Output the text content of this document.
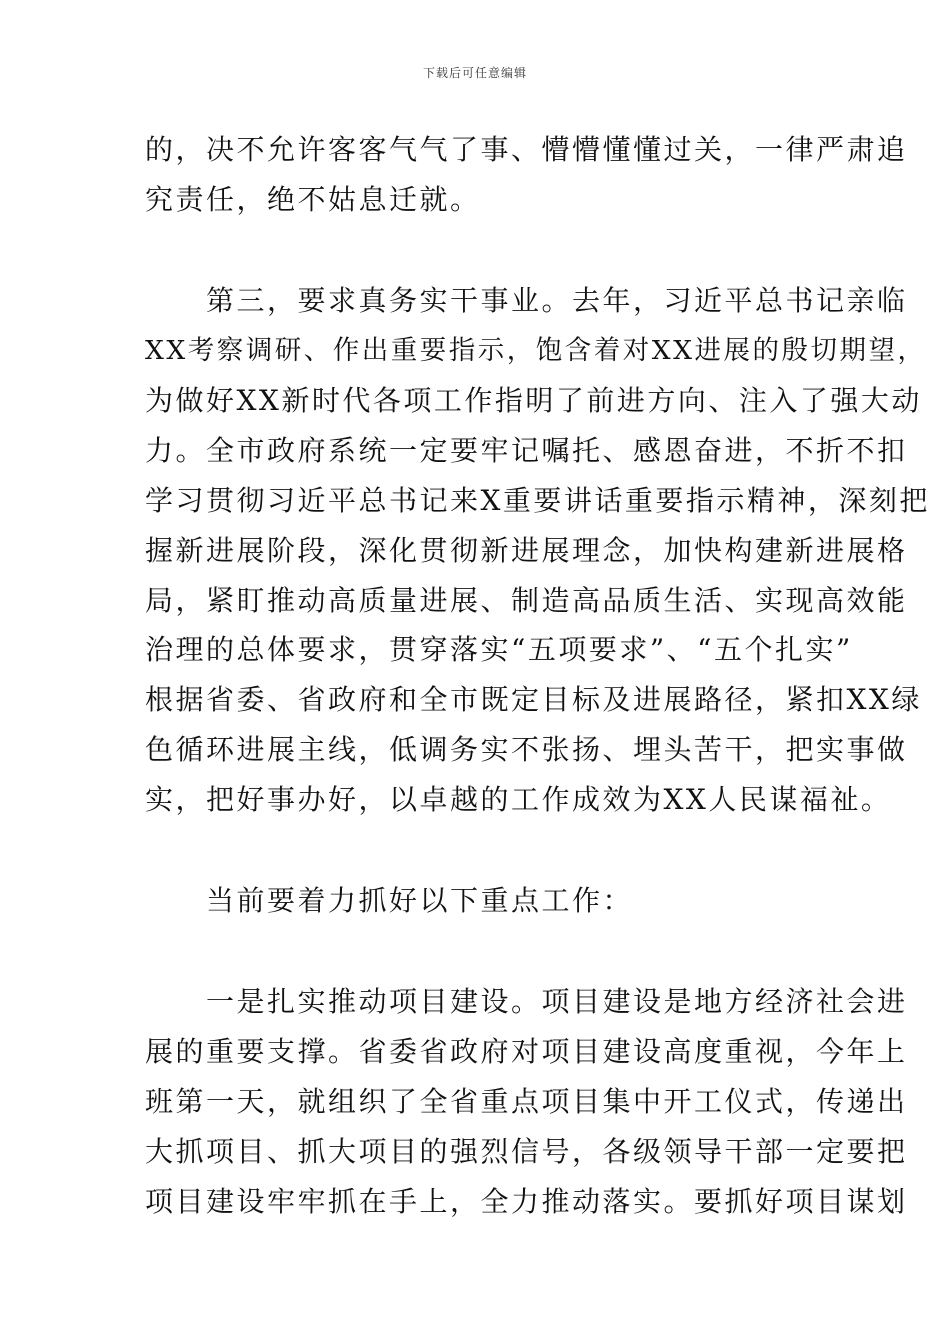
下载后可任意编辑
的，决不允许客客气气了事、懵懵懂懂过关，一律严肃追
究责任，绝不姑息迁就。
　　第三，要求真务实干事业。去年，习近平总书记亲临
XX考察调研、作出重要指示，饱含着对XX进展的殷切期望，
为做好XX新时代各项工作指明了前进方向、注入了强大动
力。全市政府系统一定要牢记嘱托、感恩奋进，不折不扣
学习贯彻习近平总书记来X重要讲话重要指示精神，深刻把
握新进展阶段，深化贯彻新进展理念，加快构建新进展格
局，紧盯推动高质量进展、制造高品质生活、实现高效能
治理的总体要求，贯穿落实“五项要求”、“五个扎实”
根据省委、省政府和全市既定目标及进展路径，紧扣XX绿
色循环进展主线，低调务实不张扬、埋头苦干，把实事做
实，把好事办好，以卓越的工作成效为XX人民谋福祉。
　　当前要着力抓好以下重点工作：
　　一是扎实推动项目建设。项目建设是地方经济社会进
展的重要支撑。省委省政府对项目建设高度重视，今年上
班第一天，就组织了全省重点项目集中开工仪式，传递出
大抓项目、抓大项目的强烈信号，各级领导干部一定要把
项目建设牢牢抓在手上，全力推动落实。要抓好项目谋划
